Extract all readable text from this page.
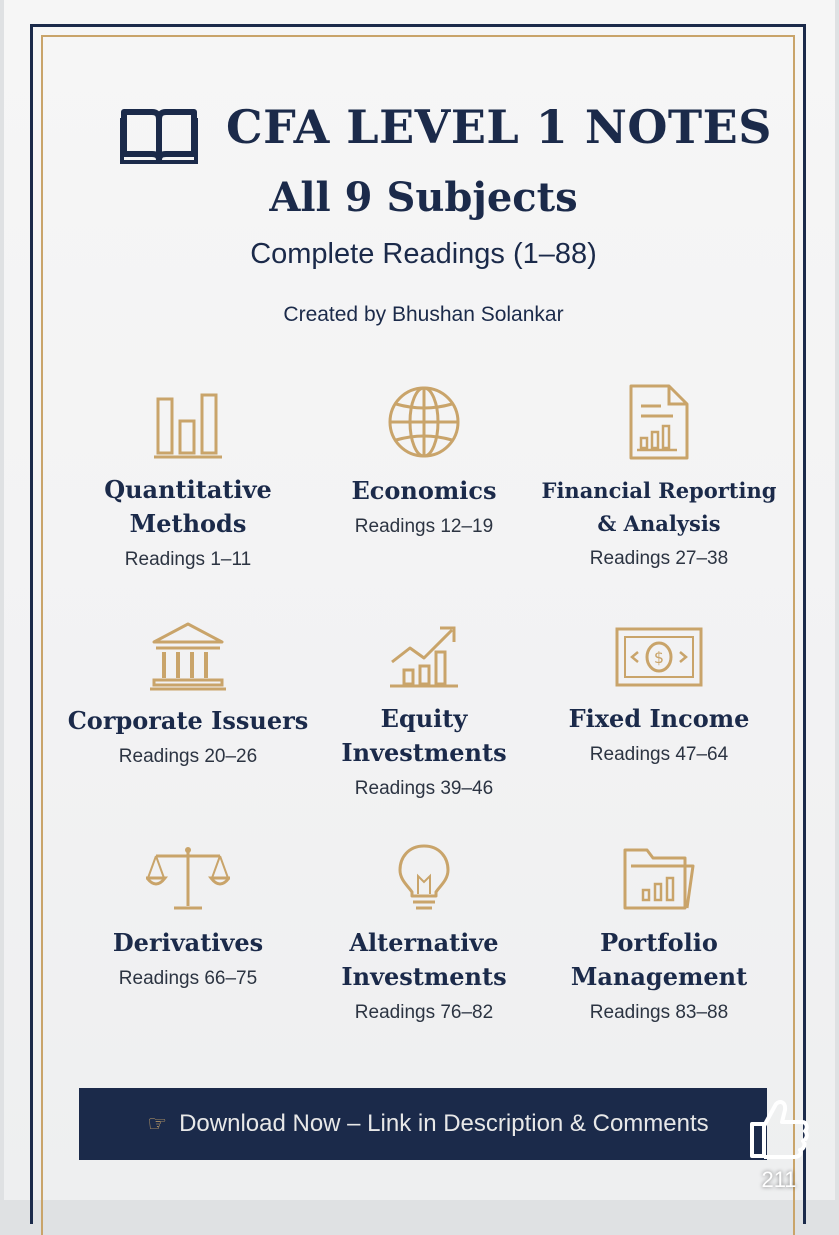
CFA LEVEL 1 NOTES
All 9 Subjects
Complete Readings (1–88)
Created by Bhushan Solankar
Quantitative
Methods
Readings 1–11
Economics
Readings 12–19
Financial Reporting
& Analysis
Readings 27–38
Corporate Issuers
Readings 20–26
Equity
Investments
Readings 39–46
$
Fixed Income
Readings 47–64
Derivatives
Readings 66–75
Alternative
Investments
Readings 76–82
Portfolio
Management
Readings 83–88
☞ Download Now – Link in Description & Comments
211
